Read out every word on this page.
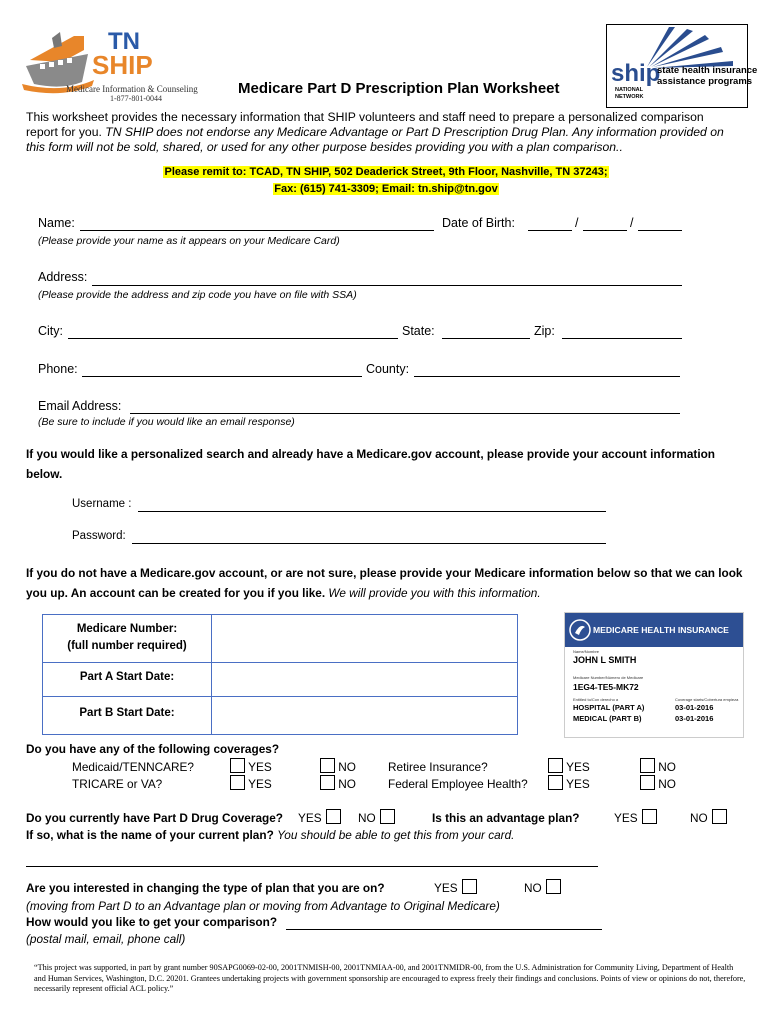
TN
SHIP
Medicare Information & Counseling
1-877-801-0044
ship
state health insurance
assistance programs
NATIONAL
NETWORK
Medicare Part D Prescription Plan Worksheet
This worksheet provides the necessary information that SHIP volunteers and staff need to prepare a personalized comparison report for you. TN SHIP does not endorse any Medicare Advantage or Part D Prescription Drug Plan. Any information provided on this form will not be sold, shared, or used for any other purpose besides providing you with a plan comparison..
Please remit to: TCAD, TN SHIP, 502 Deaderick Street, 9th Floor, Nashville, TN 37243;
Fax: (615) 741-3309; Email: tn.ship@tn.gov
Name:	Date of Birth:	/	/
(Please provide your name as it appears on your Medicare Card)
Address:
(Please provide the address and zip code you have on file with SSA)
City:	State:	Zip:
Phone:	County:
Email Address:
(Be sure to include if you would like an email response)
If you would like a personalized search and already have a Medicare.gov account, please provide your account information below.
Username :
Password:
If you do not have a Medicare.gov account, or are not sure, please provide your Medicare information below so that we can look you up. An account can be created for you if you like. We will provide you with this information.
Medicare Number:
(full number required)
Part A Start Date:
Part B Start Date:
MEDICARE HEALTH INSURANCE
Name/Nombre
JOHN L SMITH
Medicare Number/Número de Medicare
1EG4-TE5-MK72
Entitled to/Con derecho a	Coverage starts/Cobertura empieza
HOSPITAL (PART A)	03-01-2016
MEDICAL (PART B)	03-01-2016
Do you have any of the following coverages?
Medicaid/TENNCARE?	YES	NO
TRICARE or VA?	YES	NO
Retiree Insurance?	YES	NO
Federal Employee Health?	YES	NO
Do you currently have Part D Drug Coverage? YES	NO	Is this an advantage plan?	YES	NO
If so, what is the name of your current plan? You should be able to get this from your card.
Are you interested in changing the type of plan that you are on?	YES	NO
(moving from Part D to an Advantage plan or moving from Advantage to Original Medicare)
How would you like to get your comparison?
(postal mail, email, phone call)
“This project was supported, in part by grant number 90SAPG0069-02-00, 2001TNMISH-00, 2001TNMIAA-00, and 2001TNMIDR-00, from the U.S. Administration for Community Living, Department of Health and Human Services, Washington, D.C. 20201. Grantees undertaking projects with government sponsorship are encouraged to express freely their findings and conclusions. Points of view or opinions do not, therefore, necessarily represent official ACL policy.”
